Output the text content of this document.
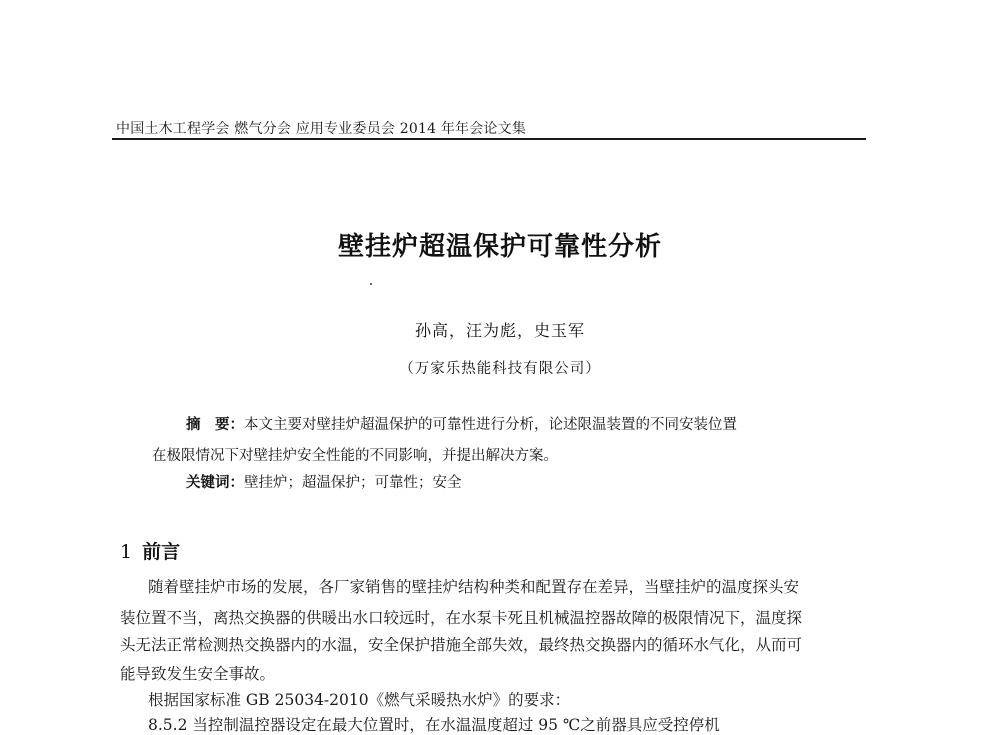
中国土木工程学会 燃气分会 应用专业委员会 2014 年年会论文集
壁挂炉超温保护可靠性分析
孙高，汪为彪，史玉军
（万家乐热能科技有限公司）
摘　要：本文主要对壁挂炉超温保护的可靠性进行分析，论述限温装置的不同安装位置
在极限情况下对壁挂炉安全性能的不同影响，并提出解决方案。
关键词：壁挂炉；超温保护；可靠性；安全
1 前言
随着壁挂炉市场的发展，各厂家销售的壁挂炉结构种类和配置存在差异，当壁挂炉的温度探头安
装位置不当，离热交换器的供暖出水口较远时，在水泵卡死且机械温控器故障的极限情况下，温度探
头无法正常检测热交换器内的水温，安全保护措施全部失效，最终热交换器内的循环水气化，从而可
能导致发生安全事故。
根据国家标准 GB 25034-2010《燃气采暖热水炉》的要求：
8.5.2 当控制温控器设定在最大位置时，在水温温度超过 95 ℃之前器具应受控停机
